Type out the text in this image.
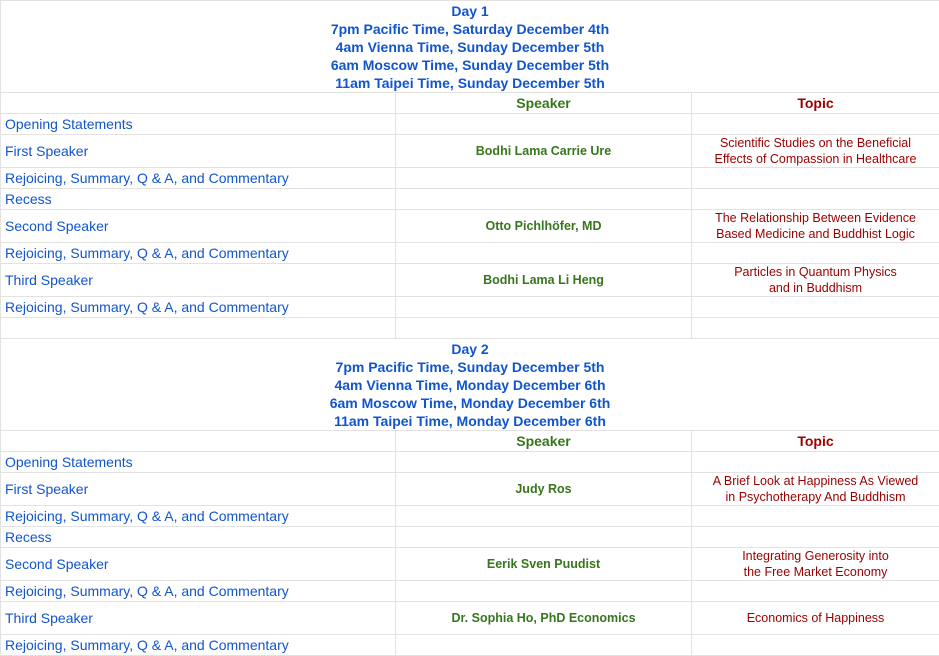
Day 1
7pm Pacific Time, Saturday December 4th
4am Vienna Time, Sunday December 5th
6am Moscow Time, Sunday December 5th
11am Taipei Time, Sunday December 5th		

	Speaker	Topic
Opening Statements		
First Speaker	Bodhi Lama Carrie Ure	Scientific Studies on the Beneficial
Effects of Compassion in Healthcare

Rejoicing, Summary, Q & A, and Commentary		
Recess		
Second Speaker	Otto Pichlhöfer, MD	The Relationship Between Evidence
Based Medicine and Buddhist Logic

Rejoicing, Summary, Q & A, and Commentary		
Third Speaker	Bodhi Lama Li Heng	Particles in Quantum Physics
and in Buddhism

Rejoicing, Summary, Q & A, and Commentary		

Day 2
7pm Pacific Time, Sunday December 5th
4am Vienna Time, Monday December 6th
6am Moscow Time, Monday December 6th
11am Taipei Time, Monday December 6th		

	Speaker	Topic
Opening Statements		
First Speaker	Judy Ros	A Brief Look at Happiness As Viewed
in Psychotherapy And Buddhism

Rejoicing, Summary, Q & A, and Commentary		
Recess		
Second Speaker	Eerik Sven Puudist	Integrating Generosity into
the Free Market Economy

Rejoicing, Summary, Q & A, and Commentary		
Third Speaker	Dr. Sophia Ho, PhD Economics	Economics of Happiness

Rejoicing, Summary, Q & A, and Commentary		
